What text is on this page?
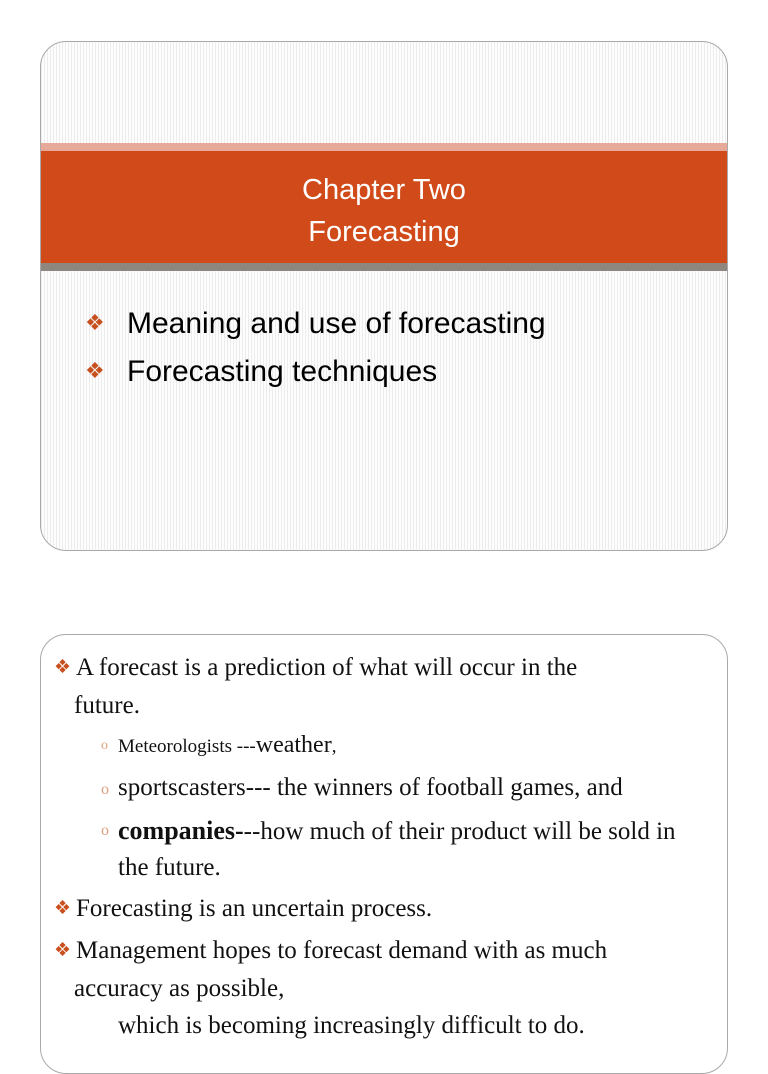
Chapter Two
Forecasting
❖ Meaning and use of forecasting
❖ Forecasting techniques
❖ A forecast is a prediction of what will occur in the
future.
o Meteorologists ---weather,
o sportscasters--- the winners of football games, and
o companies---how much of their product will be sold in the future.
❖ Forecasting is an uncertain process.
❖ Management hopes to forecast demand with as much
accuracy as possible,
which is becoming increasingly difficult to do.
